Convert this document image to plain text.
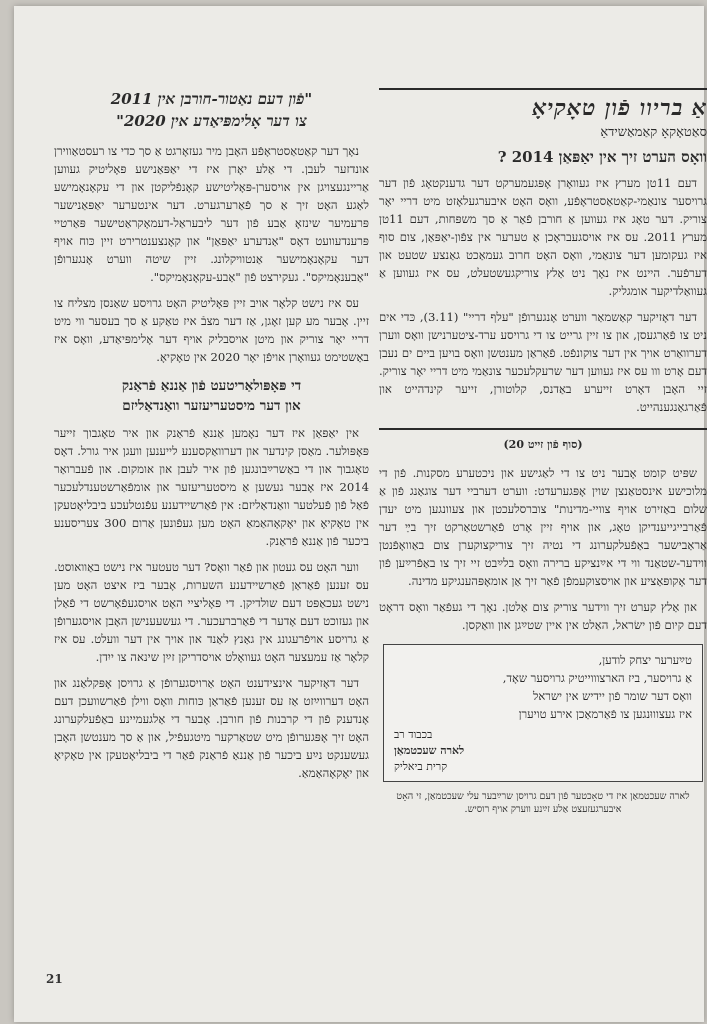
אַ בריוו פֿון טאָקיאָ
סאַטאָקאָ קאַמאַשידאַ
וואָס הערט זיך אין יאַפּאַן 2014 ?

דעם 11טן מערץ איז געוואָרן אָפּגעמערקט דער גדענקטאָג פֿון דער גרויסער צונאַמי-קאַטאַסטראָפֿע, וואָס האָט איבערגעלאָזט מיט דריי יאָר צוריק. דער טאָג איז געווען אַ חורבן פֿאַר אַ סך משפּחות, דעם 11טן מערץ 2011. עס איז אויסגעבראָכן אַ טערער אין צפֿון-יאַפּאַן, צום סוף איז געקומען דער צונאַמי, וואָס האָט חרוב געמאַכט גאַנצע שטעט און דערפֿער. היינט איז נאָך ניט אַלץ צוריקגעשטעלט, עס איז געווען אַ געוואַלדיקער אומגליק.

דער דאָזיקער קאַשמאַר ווערט אָנגערופֿן "עלף דריי" (3.11), כּדי אים ניט צו פֿאַרגעסן, און צו זיין גרייט צו די גרויסע ערד-ציטערנישן וואָס ווערן דערוואַרט אויך אין דער צוקונפֿט. פֿאַראַן מענטשן וואָס בויען ביים ים נעבן דעם אָרט ווו עס איז געווען דער שרעקלעכער צונאַמי מיט דריי יאָר צוריק. זיי האָבן דאָרט זייערע באַדנס, קלוטורן, זייער קינדהייט און פֿאַרגאַנגענהייט.

(סוף פֿון זייט 20)

שפּיט קומט אָבער ניט צו די לאַגישע און ניכטערע מסקנות. פֿון די מלוכישע אינסטאַנצן שוין אָפּגערעדט: ווערט דערביי דער צוגאַנג פֿון אַ שלום באַזירט אויף צוויי-מדינות" צוברסלעכטן און צעוונגען מיט יעדן פֿאַרבייגייענדיקן טאָג, און אויף זיין אָרט פֿאַרשטאַרקט זיך בײַ דער אַראַבישער באַפֿעלקערונג די נטיה זיך צוריקצוקערן צום באַוואָפֿנטן ווידער-שטאַנד ווי די אײַנציקע ברירה וואָס בלײַבט זיי זיך צו באַפֿרײַען פֿון דער אָקופּאַציע און אויסצוקעמפֿן פֿאַר זיך אַן אומאָפּהענגיקע מדינה.

און אַלץ קערט זיך ווידער צוריק צום אַלטן. נאָך די געפֿאַר וואָס דראָט דעם קיום פֿון ישׂראל, האַלט אין איין שטײַגן און וואַקסן.

טײַערער יצחק לודען,
אַ גרויסער, ביז הארצוווייטיק גרויסער שאָד,
וואָס דער שומר פֿון יידיש אין ישראל
איז געצוווּנגען צו פֿאַרמאַכן אירע טויערן
בכבוד רב
לארה שעכטמאַן
קרית ביאליק
לארה שעכטמאַן איז די טאָכטער פֿון דעם גרויסן שרײַבער עלי שעכטמאַן, זי האָט איבערגעזעצט אַלע זײַנע ווערק אויף רוסיש.
"פֿון דעם נאַטור-חורבן אין 2011
צו דער אָלימפּיאַדע אין 2020"

נאָך דער קאַטאַסטראָפֿע האָבן מיר געזאָרגט אַ סך כדי צו רעסטאַווירן אונדזער לעבן. די אַלע יאָרן איז די יאַפּאַנישע פּאָליטיק געווען אַריינגעצויגן אין אויסערן-פּאָליטישע קאָנפֿליקטן און די עקאָנאָמישע לאַגע האָט זיך אַ סך פֿאַרערגערט. דער אינטערער יאַפּאַנישער פּרעמיער שינזאָ אַבע פֿון דער ליבעראַל-דעמאָקראַטישער פּאַרטיי פּרענדעוועט דאָס "אַנדערע יאַפּאַן" און קאָנצענטרירט זיין כּוח אויף דער עקאָנאָמישער אַנטוויקלונג. זיין שיטה ווערט אָנגערופֿן "אַבענאָמיקס". געקירצט פֿון "אַבע-עקאָנאָמיקס".

עס איז נישט קלאָר אויב זיין פּאָליטיק האָט גרויסע שאַנסן מצליח צו זיין. אָבער מע קען זאָגן, אַז דער מצבֿ איז טאַקע אַ סך בעסער ווי מיט דריי יאָר צוריק און מיטן אויסבליק אויף דער אָלימפּיאַדע, וואָס איז באַשטימט געוואָרן אויפֿן יאָר 2020 אין טאָקיאָ.

די פּאָפּולאַריטעט פֿון אַננאַ פֿראַנק
און דער מיסטעריעזער וואַנדאַליזם

אין יאַפּאַן איז דער נאָמען אַננאַ פֿראַנק און איר טאָגבוך זייער פּאָפּולער. מאַסן קינדער און דערוואַקסענע לייענען וועגן איר גורל. דאָס טאָגבוך און די באַשרײַבונגען פֿון איר לעבן און אומקום. און פֿעברואַר 2014 איז אָבער געשען אַ מיסטעריעזער און אומפֿאַרשטענדלעכער פֿאַל פֿון פֿעלטער וואַנדאַליזם: אין פֿאַרשיידענע עפֿנטלעכע ביבליאָטעקן אין טאָקיאָ און יאָקאָהאַמאַ האָט מען געפֿונען אַרום 300 צעריסענע ביכער פֿון אַננאַ פֿראַנק.

ווער האָט עס געטון און פֿאַר וואָס? דער טעטער איז נישט באַוואוסט. עס זענען פֿאַראַן פֿאַרשיידענע השערות, אָבער ביז איצט האָט מען נישט געכאַפּט דעם שולדיקן. די פּאָליציי האָט אויסגעפֿאָרשט די פֿאַלן און געזוכט דעם אָדער די פֿאַרברעכער. די געשעענישן האָבן אויסגערופֿן אַ גרויסע אויפֿרעגונג אין גאַנץ לאַנד און אויך אין דער וועלט. עס איז קלאָר אַז עמעצער האָט געוואָלט אויסדריקן זײַן שינאה צו ייִדן.

דער דאָזיקער אינצידענט האָט אַרויסגערופֿן אַ גרויסן אָפּקלאַנג און האָט דערווײַזט אַז עס זענען פֿאַראַן כּוחות וואָס ווילן פֿאַרשוועכן דעם אָנדענק פֿון די קרבנות פֿון חורבן. אָבער די אַלגעמיינע באַפֿעלקערונג האָט זיך אָפּגערופֿן מיט שטאַרקער מיטגעפֿיל, און אַ סך מענטשן האָבן געשענקט נײַע ביכער פֿון אַננאַ פֿראַנק פֿאַר די ביבליאָטעקן אין טאָקיאָ און יאָקאָהאַמאַ.

21
